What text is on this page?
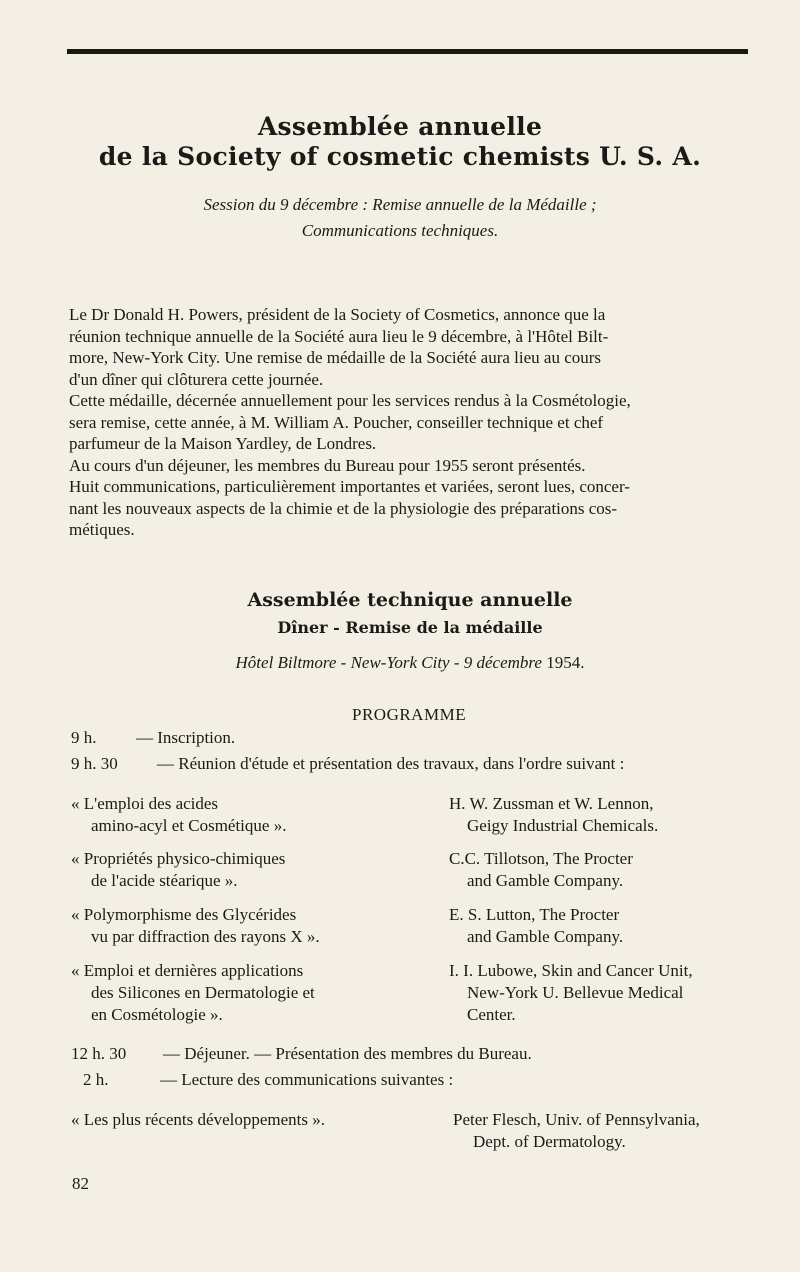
Assemblée annuelle
de la Society of cosmetic chemists U. S. A.
Session du 9 décembre : Remise annuelle de la Médaille ;
Communications techniques.
Le Dr Donald H. Powers, président de la Society of Cosmetics, annonce que la
réunion technique annuelle de la Société aura lieu le 9 décembre, à l'Hôtel Bilt-
more, New-York City. Une remise de médaille de la Société aura lieu au cours
d'un dîner qui clôturera cette journée.
Cette médaille, décernée annuellement pour les services rendus à la Cosmétologie,
sera remise, cette année, à M. William A. Poucher, conseiller technique et chef
parfumeur de la Maison Yardley, de Londres.
Au cours d'un déjeuner, les membres du Bureau pour 1955 seront présentés.
Huit communications, particulièrement importantes et variées, seront lues, concer-
nant les nouveaux aspects de la chimie et de la physiologie des préparations cos-
métiques.
Assemblée technique annuelle
Dîner - Remise de la médaille
Hôtel Biltmore - New-York City - 9 décembre 1954.
PROGRAMME
9 h. — Inscription.
9 h. 30 — Réunion d'étude et présentation des travaux, dans l'ordre suivant :
« L'emploi des acides
amino-acyl et Cosmétique ».
H. W. Zussman et W. Lennon,
Geigy Industrial Chemicals.
« Propriétés physico-chimiques
de l'acide stéarique ».
C.C. Tillotson, The Procter
and Gamble Company.
« Polymorphisme des Glycérides
vu par diffraction des rayons X ».
E. S. Lutton, The Procter
and Gamble Company.
« Emploi et dernières applications
des Silicones en Dermatologie et
en Cosmétologie ».
I. I. Lubowe, Skin and Cancer Unit,
New-York U. Bellevue Medical
Center.
12 h. 30 — Déjeuner. — Présentation des membres du Bureau.
2 h.	— Lecture des communications suivantes :
« Les plus récents développements ».	Peter Flesch, Univ. of Pennsylvania,
Dept. of Dermatology.
82
